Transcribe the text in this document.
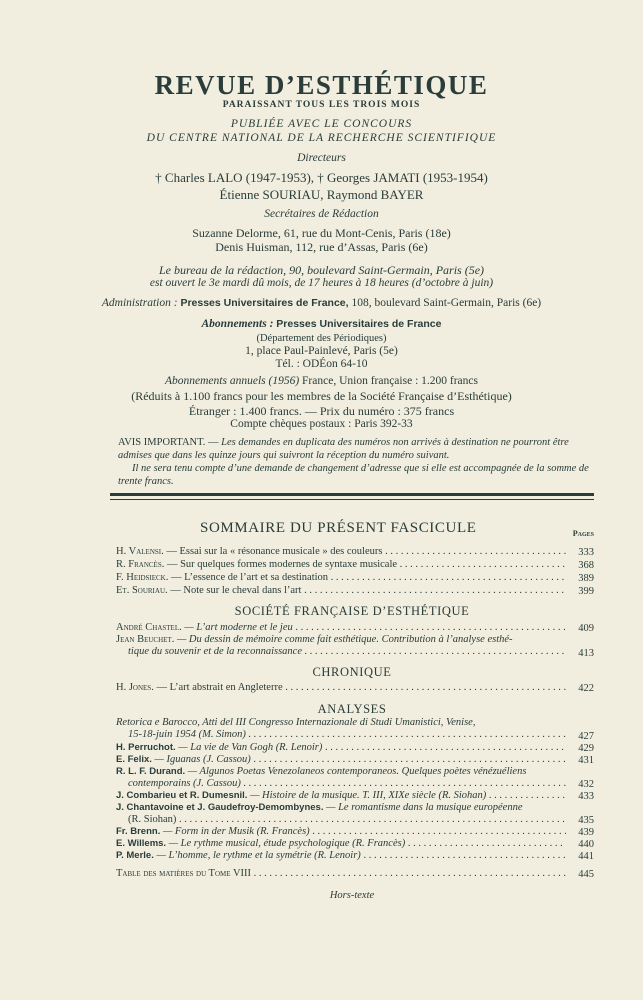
REVUE D’ESTHÉTIQUE
PARAISSANT TOUS LES TROIS MOIS
PUBLIÉE AVEC LE CONCOURS
DU CENTRE NATIONAL DE LA RECHERCHE SCIENTIFIQUE
Directeurs
† Charles LALO (1947-1953), † Georges JAMATI (1953-1954)
Étienne SOURIAU, Raymond BAYER
Secrétaires de Rédaction
Suzanne Delorme, 61, rue du Mont-Cenis, Paris (18e)
Denis Huisman, 112, rue d’Assas, Paris (6e)
Le bureau de la rédaction, 90, boulevard Saint-Germain, Paris (5e)
est ouvert le 3e mardi dû mois, de 17 heures à 18 heures (d’octobre à juin)
Administration : Presses Universitaires de France, 108, boulevard Saint-Germain, Paris (6e)
Abonnements : Presses Universitaires de France
(Département des Périodiques)
1, place Paul-Painlevé, Paris (5e)
Tél. : ODÉon 64-10
Abonnements annuels (1956) France, Union française : 1.200 francs
(Réduits à 1.100 francs pour les membres de la Société Française d’Esthétique)
Étranger : 1.400 francs. — Prix du numéro : 375 francs
Compte chèques postaux : Paris 392-33
AVIS IMPORTANT. — Les demandes en duplicata des numéros non arrivés à destination ne pourront être admises que dans les quinze jours qui suivront la réception du numéro suivant.
Il ne sera tenu compte d’une demande de changement d’adresse que si elle est accompagnée de la somme de trente francs.
SOMMAIRE DU PRÉSENT FASCICULE	Pages
H. Valensi. — Essai sur la « résonance musicale » des couleurs . . .	333
R. Francès. — Sur quelques formes modernes de syntaxe musicale . . .	368
F. Heidsieck. — L’essence de l’art et sa destination . . .	389
Et. Souriau. — Note sur le cheval dans l’art . . .	399
SOCIÉTÉ FRANÇAISE D’ESTHÉTIQUE
André Chastel. — L’art moderne et le jeu . . .	409
Jean Beuchet. — Du dessin de mémoire comme fait esthétique. Contribution à l’analyse esthé-
tique du souvenir et de la reconnaissance . . .	413
CHRONIQUE
H. Jones. — L’art abstrait en Angleterre . . .	422
ANALYSES
Retorica e Barocco, Atti del III Congresso Internazionale di Studi Umanistici, Venise,
15-18-juin 1954 (M. Simon) . . .	427
H. Perruchot. — La vie de Van Gogh (R. Lenoir) . . .	429
E. Felix. — Iguanas (J. Cassou) . . .	431
R. L. F. Durand. — Algunos Poetas Venezolaneos contemporaneos. Quelques poètes vénézuéliens
contemporains (J. Cassou) . . .	432
J. Combarieu et R. Dumesnil. — Histoire de la musique. T. III, XIXe siècle (R. Siohan) . . .	433
J. Chantavoine et J. Gaudefroy-Demombynes. — Le romantisme dans la musique européenne
(R. Siohan) . . .	435
Fr. Brenn. — Form in der Musik (R. Francès) . . .	439
E. Willems. — Le rythme musical, étude psychologique (R. Francès) . . .	440
P. Merle. — L’homme, le rythme et la symétrie (R. Lenoir) . . .	441
Table des matières du Tome VIII . . .	445
Hors-texte
